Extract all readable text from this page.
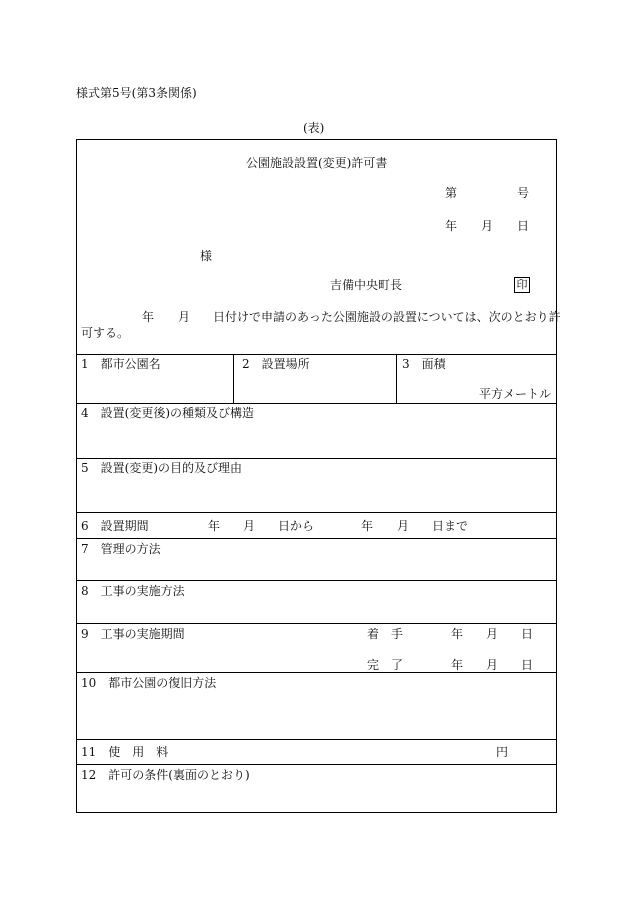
様式第5号(第3条関係)
(表)
公園施設設置(変更)許可書
第	号
年 月 日
様
吉備中央町長	印
年 月 日付けで申請のあった公園施設の設置については、次のとおり許
可する。
1　都市公園名	2　設置場所	3　面積
平方メートル
4　設置(変更後)の種類及び構造
5　設置(変更)の目的及び理由
6　設置期間	年 月 日から	年 月 日まで
7　管理の方法
8　工事の実施方法
9　工事の実施期間	着　手	年 月 日
完　了	年 月 日
10　都市公園の復旧方法
11　使　用　料	円
12　許可の条件(裏面のとおり)
